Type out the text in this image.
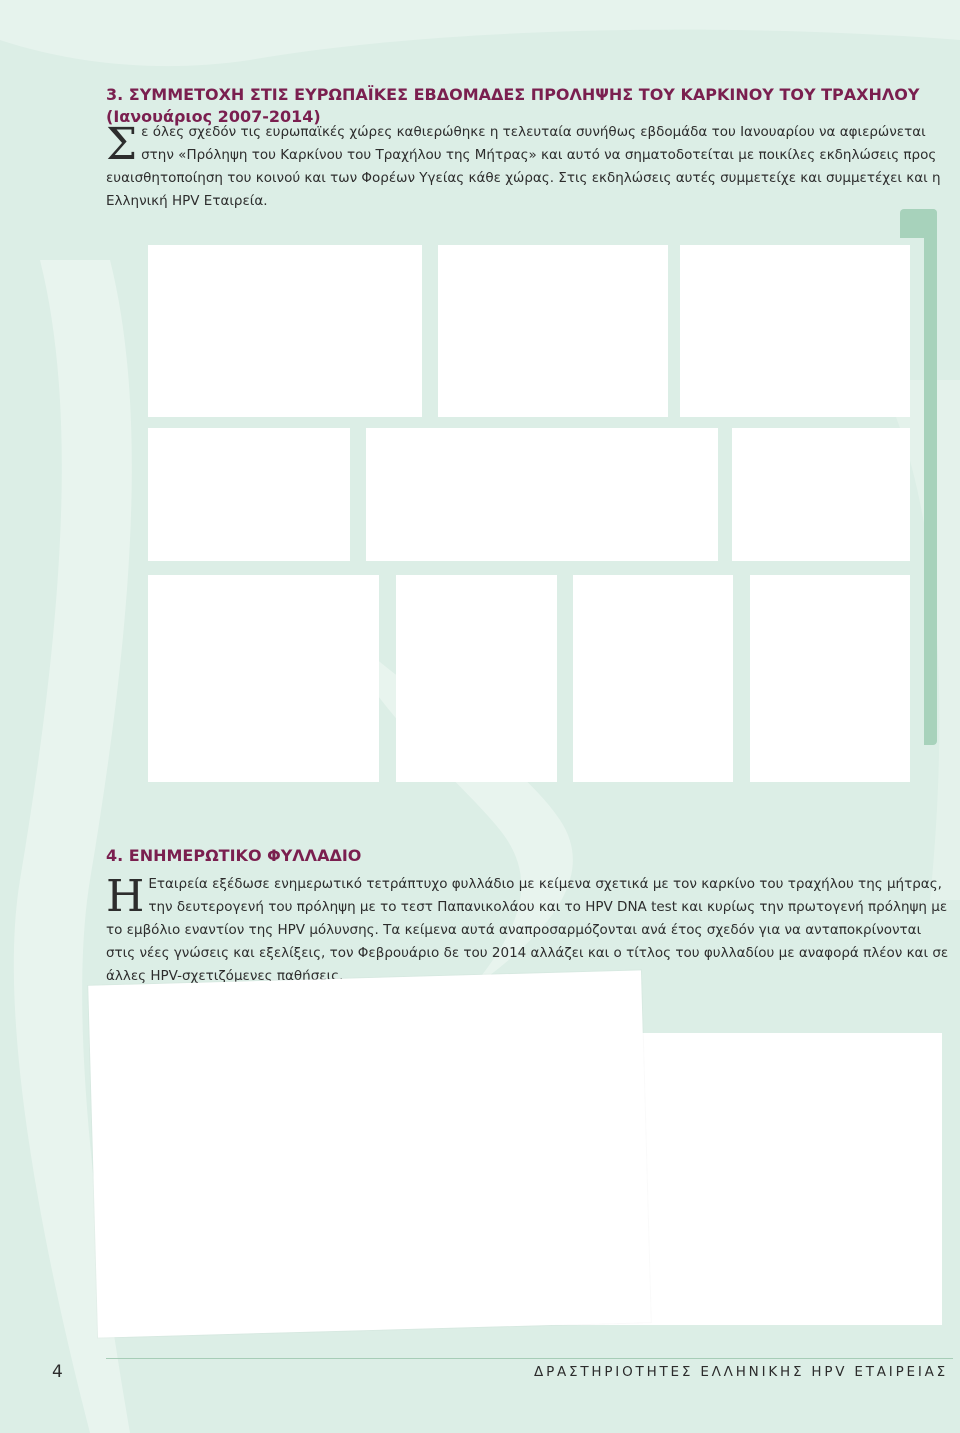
3. ΣΥΜΜΕΤΟΧΗ ΣΤΙΣ ΕΥΡΩΠΑΪΚΕΣ ΕΒΔΟΜΑΔΕΣ ΠΡΟΛΗΨΗΣ ΤΟΥ ΚΑΡΚΙΝΟΥ ΤΟΥ ΤΡΑΧΗΛΟΥ
(Ιανουάριος 2007-2014)

Σε όλες σχεδόν τις ευρωπαϊκές χώρες καθιερώθηκε η τελευταία συνήθως εβδομάδα του Ιανουαρίου να αφιερώνεται στην «Πρόληψη του Καρκίνου του Τραχήλου της Μήτρας» και αυτό να σηματοδοτείται με ποικίλες εκδηλώσεις προς ευαισθητοποίηση του κοινού και των Φορέων Υγείας κάθε χώρας. Στις εκδηλώσεις αυτές συμμετείχε και συμμετέχει και η Ελληνική HPV Εταιρεία.

4. ΕΝΗΜΕΡΩΤΙΚΟ ΦΥΛΛΑΔΙΟ

Η Εταιρεία εξέδωσε ενημερωτικό τετράπτυχο φυλλάδιο με κείμενα σχετικά με τον καρκίνο του τραχήλου της μήτρας, την δευτερογενή του πρόληψη με το τεστ Παπανικολάου και το HPV DNA test και κυρίως την πρωτογενή πρόληψη με το εμβόλιο εναντίον της HPV μόλυνσης. Τα κείμενα αυτά αναπροσαρμόζονται ανά έτος σχεδόν για να ανταποκρίνονται στις νέες γνώσεις και εξελίξεις, τον Φεβρουάριο δε του 2014 αλλάζει και ο τίτλος του φυλλαδίου με αναφορά πλέον και σε άλλες HPV-σχετιζόμενες παθήσεις.

4	ΔΡΑΣΤΗΡΙΟΤΗΤΕΣ ΕΛΛΗΝΙΚΗΣ HPV ΕΤΑΙΡΕΙΑΣ
